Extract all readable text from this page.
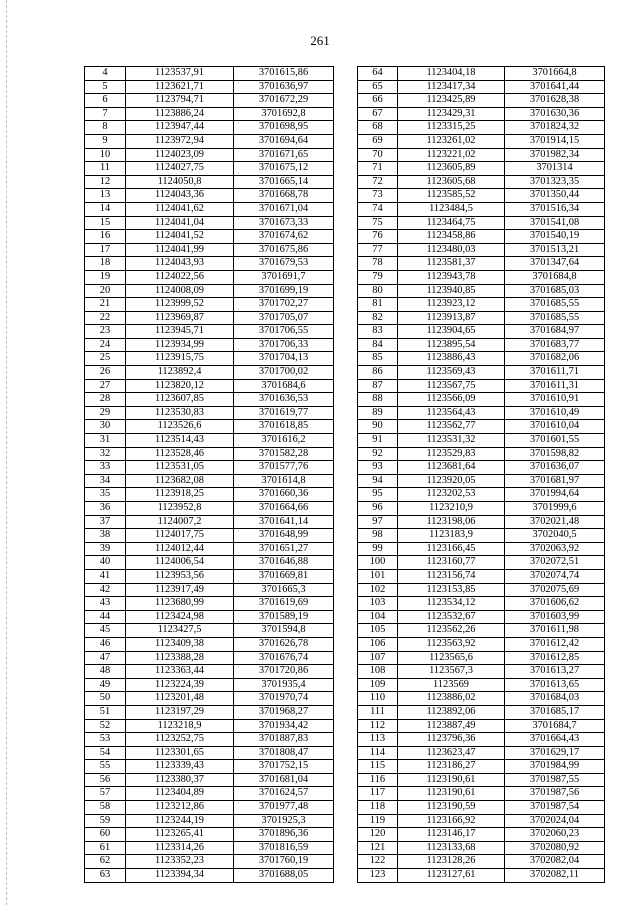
261
4	1123537,91	3701615,86
5	1123621,71	3701636,97
6	1123794,71	3701672,29
7	1123886,24	3701692,8
8	1123947,44	3701698,95
9	1123972,94	3701694,64
10	1124023,09	3701671,65
11	1124027,75	3701675,12
12	1124050,8	3701665,14
13	1124043,36	3701668,78
14	1124041,62	3701671,04
15	1124041,04	3701673,33
16	1124041,52	3701674,62
17	1124041,99	3701675,86
18	1124043,93	3701679,53
19	1124022,56	3701691,7
20	1124008,09	3701699,19
21	1123999,52	3701702,27
22	1123969,87	3701705,07
23	1123945,71	3701706,55
24	1123934,99	3701706,33
25	1123915,75	3701704,13
26	1123892,4	3701700,02
27	1123820,12	3701684,6
28	1123607,85	3701636,53
29	1123530,83	3701619,77
30	1123526,6	3701618,85
31	1123514,43	3701616,2
32	1123528,46	3701582,28
33	1123531,05	3701577,76
34	1123682,08	3701614,8
35	1123918,25	3701660,36
36	1123952,8	3701664,66
37	1124007,2	3701641,14
38	1124017,75	3701648,99
39	1124012,44	3701651,27
40	1124006,54	3701646,88
41	1123953,56	3701669,81
42	1123917,49	3701665,3
43	1123680,99	3701619,69
44	1123424,98	3701589,19
45	1123427,5	3701594,8
46	1123409,38	3701626,78
47	1123388,28	3701676,74
48	1123363,44	3701720,86
49	1123224,39	3701935,4
50	1123201,48	3701970,74
51	1123197,29	3701968,27
52	1123218,9	3701934,42
53	1123252,75	3701887,83
54	1123301,65	3701808,47
55	1123339,43	3701752,15
56	1123380,37	3701681,04
57	1123404,89	3701624,57
58	1123212,86	3701977,48
59	1123244,19	3701925,3
60	1123265,41	3701896,36
61	1123314,26	3701816,59
62	1123352,23	3701760,19
63	1123394,34	3701688,05
64	1123404,18	3701664,8
65	1123417,34	3701641,44
66	1123425,89	3701628,38
67	1123429,31	3701630,36
68	1123315,25	3701824,32
69	1123261,02	3701914,15
70	1123221,02	3701982,34
71	1123605,89	3701314
72	1123605,68	3701323,35
73	1123585,52	3701350,44
74	1123484,5	3701516,34
75	1123464,75	3701541,08
76	1123458,86	3701540,19
77	1123480,03	3701513,21
78	1123581,37	3701347,64
79	1123943,78	3701684,8
80	1123940,85	3701685,03
81	1123923,12	3701685,55
82	1123913,87	3701685,55
83	1123904,65	3701684,97
84	1123895,54	3701683,77
85	1123886,43	3701682,06
86	1123569,43	3701611,71
87	1123567,75	3701611,31
88	1123566,09	3701610,91
89	1123564,43	3701610,49
90	1123562,77	3701610,04
91	1123531,32	3701601,55
92	1123529,83	3701598,82
93	1123681,64	3701636,07
94	1123920,05	3701681,97
95	1123202,53	3701994,64
96	1123210,9	3701999,6
97	1123198,06	3702021,48
98	1123183,9	3702040,5
99	1123166,45	3702063,92
100	1123160,77	3702072,51
101	1123156,74	3702074,74
102	1123153,85	3702075,69
103	1123534,12	3701606,62
104	1123532,67	3701603,99
105	1123562,26	3701611,98
106	1123563,92	3701612,42
107	1123565,6	3701612,85
108	1123567,3	3701613,27
109	1123569	3701613,65
110	1123886,02	3701684,03
111	1123892,06	3701685,17
112	1123887,49	3701684,7
113	1123796,36	3701664,43
114	1123623,47	3701629,17
115	1123186,27	3701984,99
116	1123190,61	3701987,55
117	1123190,61	3701987,56
118	1123190,59	3701987,54
119	1123166,92	3702024,04
120	1123146,17	3702060,23
121	1123133,68	3702080,92
122	1123128,26	3702082,04
123	1123127,61	3702082,11
